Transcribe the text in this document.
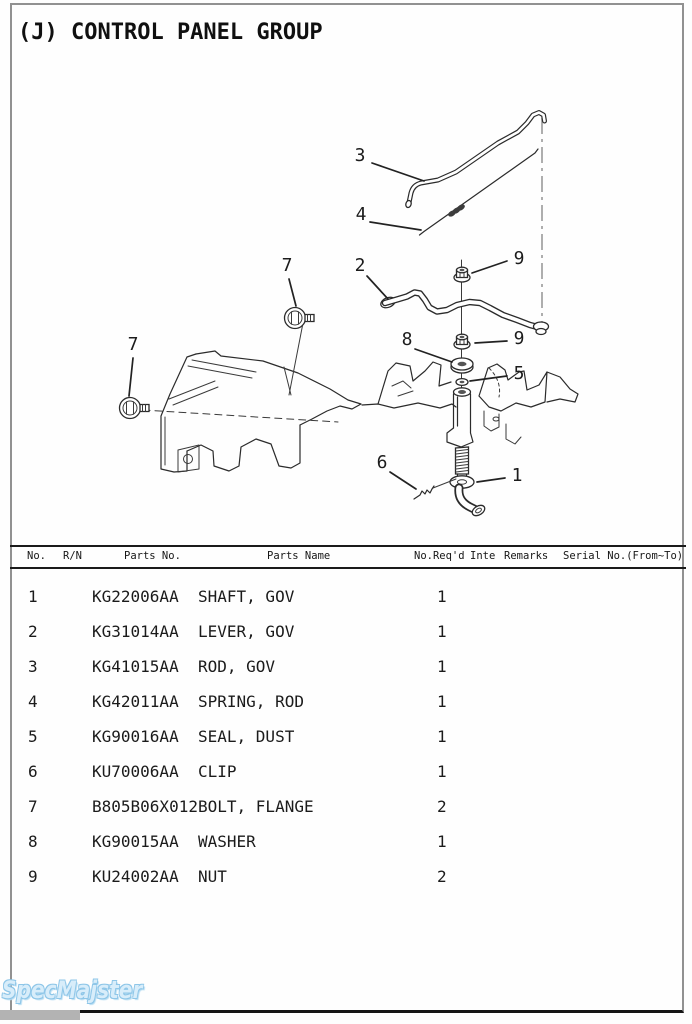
(J) CONTROL PANEL GROUP
3
4
2
7
7
9
9
8
5
6
1
No. R/N	Parts No.	Parts Name	No.Req'd Inte Remarks Serial No.(From~To)
1	KG22006AA SHAFT, GOV	1
2	KG31014AA LEVER, GOV	1
3	KG41015AA ROD, GOV	1
4	KG42011AA SPRING, ROD	1
5	KG90016AA SEAL, DUST	1
6	KU70006AA CLIP	1
7	B805B06X012 BOLT, FLANGE	2
8	KG90015AA WASHER	1
9	KU24002AA NUT	2
SpecMajster
